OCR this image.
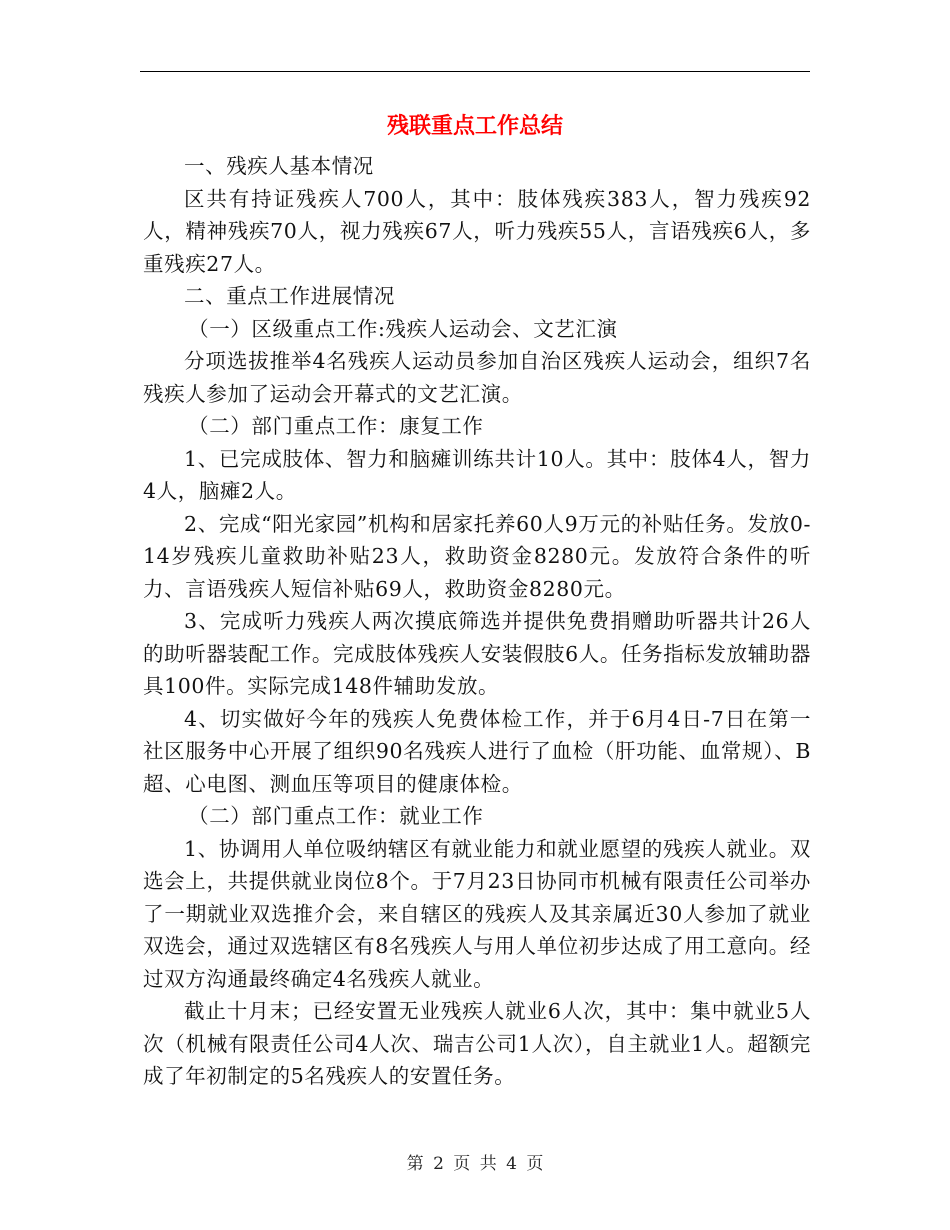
残联重点工作总结

一、残疾人基本情况

区共有持证残疾人700人，其中：肢体残疾383人，智力残疾92人，精神残疾70人，视力残疾67人，听力残疾55人，言语残疾6人，多重残疾27人。

二、重点工作进展情况

（一）区级重点工作:残疾人运动会、文艺汇演

分项选拔推举4名残疾人运动员参加自治区残疾人运动会，组织7名残疾人参加了运动会开幕式的文艺汇演。

（二）部门重点工作：康复工作

1、已完成肢体、智力和脑瘫训练共计10人。其中：肢体4人，智力4人，脑瘫2人。

2、完成“阳光家园”机构和居家托养60人9万元的补贴任务。发放0-14岁残疾儿童救助补贴23人，救助资金8280元。发放符合条件的听力、言语残疾人短信补贴69人，救助资金8280元。

3、完成听力残疾人两次摸底筛选并提供免费捐赠助听器共计26人的助听器装配工作。完成肢体残疾人安装假肢6人。任务指标发放辅助器具100件。实际完成148件辅助发放。

4、切实做好今年的残疾人免费体检工作，并于6月4日-7日在第一社区服务中心开展了组织90名残疾人进行了血检（肝功能、血常规）、B超、心电图、测血压等项目的健康体检。

（二）部门重点工作：就业工作

1、协调用人单位吸纳辖区有就业能力和就业愿望的残疾人就业。双选会上，共提供就业岗位8个。于7月23日协同市机械有限责任公司举办了一期就业双选推介会，来自辖区的残疾人及其亲属近30人参加了就业双选会，通过双选辖区有8名残疾人与用人单位初步达成了用工意向。经过双方沟通最终确定4名残疾人就业。

截止十月末；已经安置无业残疾人就业6人次，其中：集中就业5人次（机械有限责任公司4人次、瑞吉公司1人次），自主就业1人。超额完成了年初制定的5名残疾人的安置任务。

第 2 页 共 4 页
